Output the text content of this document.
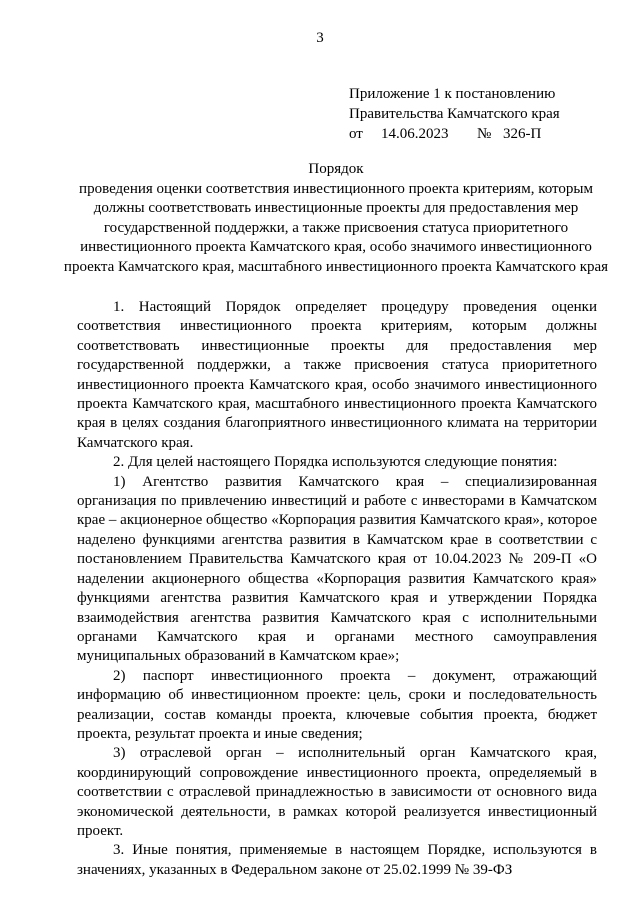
3
Приложение 1 к постановлению
Правительства Камчатского края
от 14.06.2023 № 326-П

Порядок

проведения оценки соответствия инвестиционного проекта критериям, которым должны соответствовать инвестиционные проекты для предоставления мер государственной поддержки, а также присвоения статуса приоритетного инвестиционного проекта Камчатского края, особо значимого инвестиционного проекта Камчатского края, масштабного инвестиционного проекта Камчатского края

1. Настоящий Порядок определяет процедуру проведения оценки соответствия инвестиционного проекта критериям, которым должны соответствовать инвестиционные проекты для предоставления мер государственной поддержки, а также присвоения статуса приоритетного инвестиционного проекта Камчатского края, особо значимого инвестиционного проекта Камчатского края, масштабного инвестиционного проекта Камчатского края в целях создания благоприятного инвестиционного климата на территории Камчатского края.

2. Для целей настоящего Порядка используются следующие понятия:

1) Агентство развития Камчатского края – специализированная организация по привлечению инвестиций и работе с инвесторами в Камчатском крае – акционерное общество «Корпорация развития Камчатского края», которое наделено функциями агентства развития в Камчатском крае в соответствии с постановлением Правительства Камчатского края от 10.04.2023 № 209-П «О наделении акционерного общества «Корпорация развития Камчатского края» функциями агентства развития Камчатского края и утверждении Порядка взаимодействия агентства развития Камчатского края с исполнительными органами Камчатского края и органами местного самоуправления муниципальных образований в Камчатском крае»;

2) паспорт инвестиционного проекта – документ, отражающий информацию об инвестиционном проекте: цель, сроки и последовательность реализации, состав команды проекта, ключевые события проекта, бюджет проекта, результат проекта и иные сведения;

3) отраслевой орган – исполнительный орган Камчатского края, координирующий сопровождение инвестиционного проекта, определяемый в соответствии с отраслевой принадлежностью в зависимости от основного вида экономической деятельности, в рамках которой реализуется инвестиционный проект.

3. Иные понятия, применяемые в настоящем Порядке, используются в значениях, указанных в Федеральном законе от 25.02.1999 № 39-ФЗ
